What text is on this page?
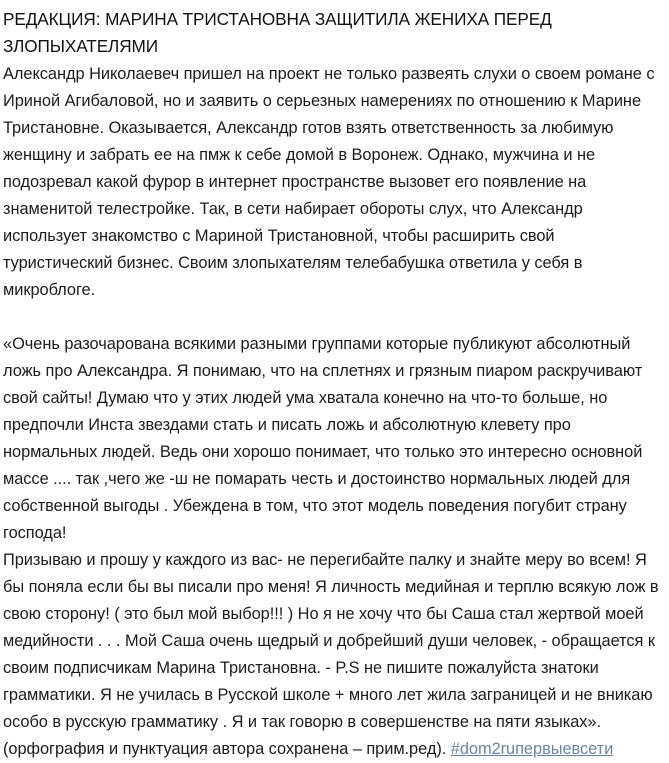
РЕДАКЦИЯ: МАРИНА ТРИСТАНОВНА ЗАЩИТИЛА ЖЕНИХА ПЕРЕД ЗЛОПЫХАТЕЛЯМИ

Александр Николаевеч пришел на проект не только развеять слухи о своем романе с Ириной Агибаловой, но и заявить о серьезных намерениях по отношению к Марине Тристановне. Оказывается, Александр готов взять ответственность за любимую женщину и забрать ее на пмж к себе домой в Воронеж. Однако, мужчина и не подозревал какой фурор в интернет пространстве вызовет его появление на знаменитой телестройке. Так, в сети набирает обороты слух, что Александр использует знакомство с Мариной Тристановной, чтобы расширить свой туристический бизнес. Своим злопыхателям телебабушка ответила у себя в микроблоге.

«Очень разочарована всякими разными группами которые публикуют абсолютный ложь про Александра. Я понимаю, что на сплетнях и грязным пиаром раскручивают свой сайты! Думаю что у этих людей ума хватала конечно на что-то больше, но предпочли Инста звездами стать и писать ложь и абсолютную клевету про нормальных людей. Ведь они хорошо понимает, что только это интересно основной массе .... так ,чего же -ш не помарать честь и достоинство нормальных людей для собственной выгоды . Убеждена в том, что этот модель поведения погубит страну господа!

Призываю и прошу у каждого из вас- не перегибайте палку и знайте меру во всем! Я бы поняла если бы вы писали про меня! Я личность медийная и терплю всякую лож в свою сторону! ( это был мой выбор!!! ) Но я не хочу что бы Саша стал жертвой моей медийности . . . Мой Саша очень щедрый и добрейший души человек, - обращается к своим подписчикам Марина Тристановна. - P.S не пишите пожалуйста знатоки грамматики. Я не училась в Русской школе + много лет жила заграницей и не вникаю особо в русскую грамматику . Я и так говорю в совершенстве на пяти языках». (орфография и пунктуация автора сохранена – прим.ред). #dom2ruпервыевсети
